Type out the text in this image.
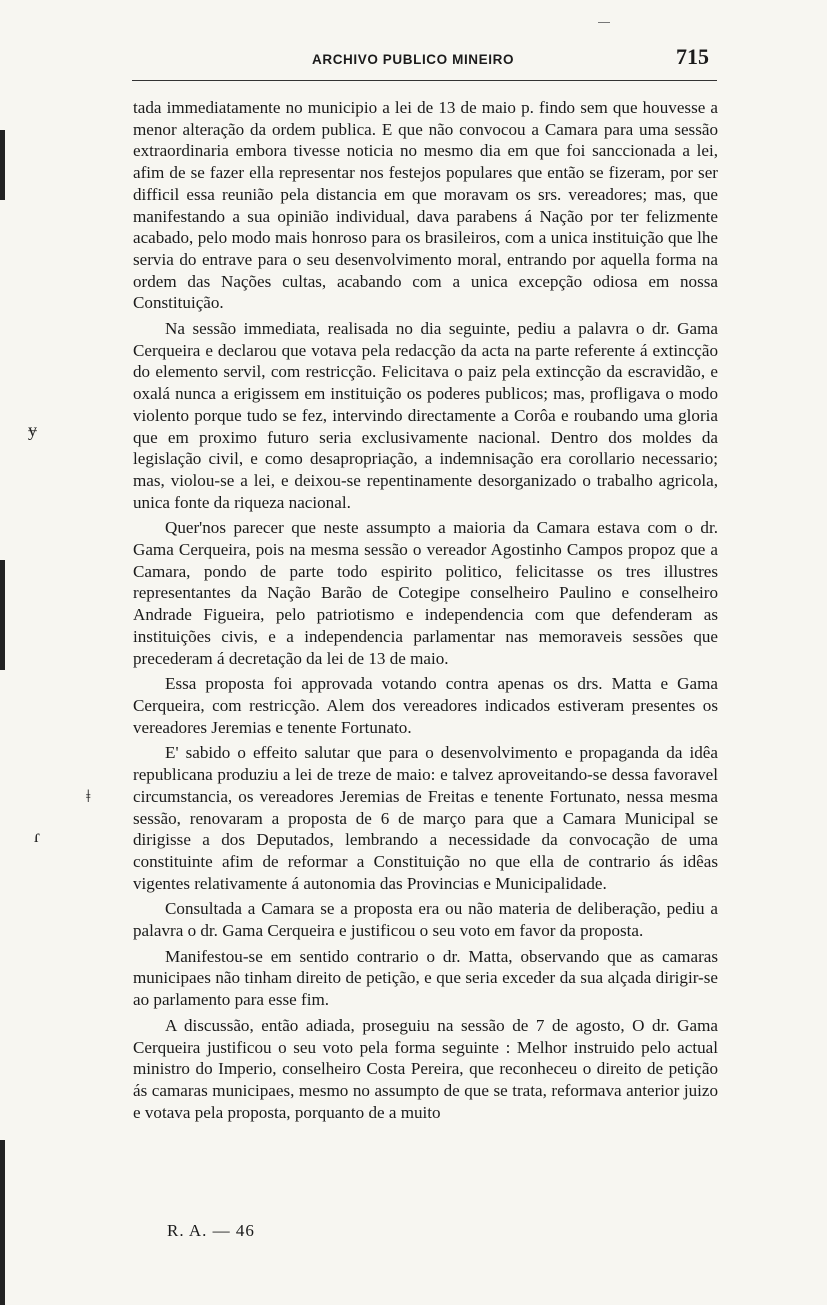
ARCHIVO PUBLICO MINEIRO	715
ɏ
ǂ
ɾ

tada immediatamente no municipio a lei de 13 de maio p. findo sem que houvesse a menor alteração da ordem publica. E que não convocou a Camara para uma sessão extraordinaria embora tivesse noticia no mesmo dia em que foi sanccionada a lei, afim de se fazer ella representar nos festejos populares que então se fizeram, por ser difficil essa reunião pela distancia em que moravam os srs. vereadores; mas, que manifestando a sua opinião individual, dava parabens á Nação por ter felizmente acabado, pelo modo mais honroso para os brasileiros, com a unica instituição que lhe servia do entrave para o seu desenvolvimento moral, entrando por aquella forma na ordem das Nações cultas, acabando com a unica excepção odiosa em nossa Constituição.

Na sessão immediata, realisada no dia seguinte, pediu a palavra o dr. Gama Cerqueira e declarou que votava pela redacção da acta na parte referente á extincção do elemento servil, com restricção. Felicitava o paiz pela extincção da escravidão, e oxalá nunca a erigissem em instituição os poderes publicos; mas, profligava o modo violento porque tudo se fez, intervindo directamente a Corôa e roubando uma gloria que em proximo futuro seria exclusivamente nacional. Dentro dos moldes da legislação civil, e como desapropriação, a indemnisação era corollario necessario; mas, violou-se a lei, e deixou-se repentinamente desorganizado o trabalho agricola, unica fonte da riqueza nacional.

Quer'nos parecer que neste assumpto a maioria da Camara estava com o dr. Gama Cerqueira, pois na mesma sessão o vereador Agostinho Campos propoz que a Camara, pondo de parte todo espirito politico, felicitasse os tres illustres representantes da Nação Barão de Cotegipe conselheiro Paulino e conselheiro Andrade Figueira, pelo patriotismo e independencia com que defenderam as instituições civis, e a independencia parlamentar nas memoraveis sessões que precederam á decretação da lei de 13 de maio.

Essa proposta foi approvada votando contra apenas os drs. Matta e Gama Cerqueira, com restricção. Alem dos vereadores indicados estiveram presentes os vereadores Jeremias e tenente Fortunato.

E' sabido o effeito salutar que para o desenvolvimento e propaganda da idêa republicana produziu a lei de treze de maio: e talvez aproveitando-se dessa favoravel circumstancia, os vereadores Jeremias de Freitas e tenente Fortunato, nessa mesma sessão, renovaram a proposta de 6 de março para que a Camara Municipal se dirigisse a dos Deputados, lembrando a necessidade da convocação de uma constituinte afim de reformar a Constituição no que ella de contrario ás idêas vigentes relativamente á autonomia das Provincias e Municipalidade.

Consultada a Camara se a proposta era ou não materia de deliberação, pediu a palavra o dr. Gama Cerqueira e justificou o seu voto em favor da proposta.

Manifestou-se em sentido contrario o dr. Matta, observando que as camaras municipaes não tinham direito de petição, e que seria exceder da sua alçada dirigir-se ao parlamento para esse fim.

A discussão, então adiada, proseguiu na sessão de 7 de agosto, O dr. Gama Cerqueira justificou o seu voto pela forma seguinte : Melhor instruido pelo actual ministro do Imperio, conselheiro Costa Pereira, que reconheceu o direito de petição ás camaras municipaes, mesmo no assumpto de que se trata, reformava anterior juizo e votava pela proposta, porquanto de a muito

R. A. — 46
